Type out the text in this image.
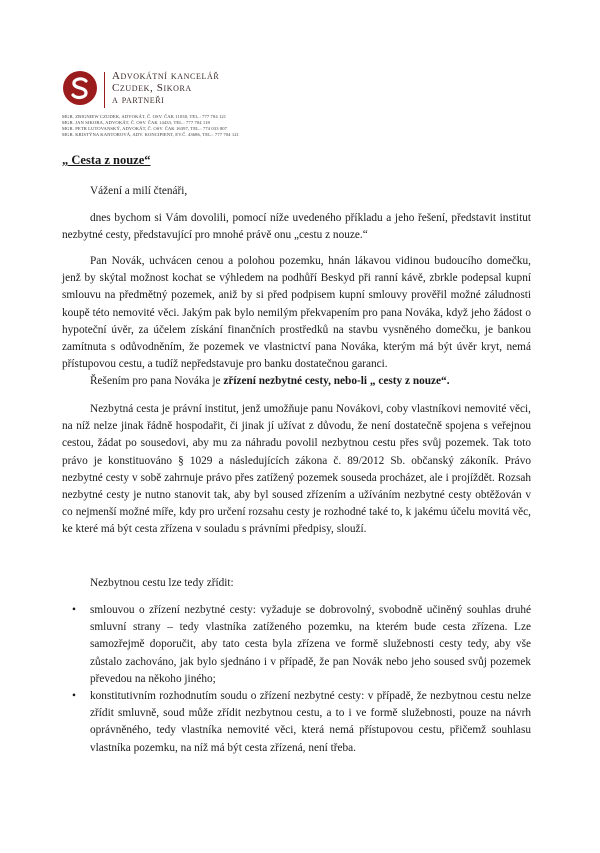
Advokátní kancelář
Czudek, Sikora
a partneři
MGR. ZBIGNIEW CZUDEK, ADVOKÁT, Č. OSV. ČAK 11030, TEL.: 777 704 121
MGR. JAN SIKORA, ADVOKÁT, Č. OSV. ČAK 14433, TEL.: 777 704 118
MGR. PETR LUTOVANSKÝ, ADVOKÁT, Č. OSV. ČAK 16397, TEL.: 774 033 807
MGR. KRISTÝNA KANTOROVÁ, ADV. KONCIPIENT, EV.Č. 43686, TEL.: 777 704 121
„ Cesta z nouze“

Vážení a milí čtenáři,

dnes bychom si Vám dovolili, pomocí níže uvedeného příkladu a jeho řešení, představit institut nezbytné cesty, představující pro mnohé právě onu „cestu z nouze.“

Pan Novák, uchvácen cenou a polohou pozemku, hnán lákavou vidinou budoucího domečku, jenž by skýtal možnost kochat se výhledem na podhůří Beskyd při ranní kávě, zbrkle podepsal kupní smlouvu na předmětný pozemek, aniž by si před podpisem kupní smlouvy prověřil možné záludnosti koupě této nemovité věci. Jakým pak bylo nemilým překvapením pro pana Nováka, když jeho žádost o hypoteční úvěr, za účelem získání finančních prostředků na stavbu vysněného domečku, je bankou zamítnuta s odůvodněním, že pozemek ve vlastnictví pana Nováka, kterým má být úvěr kryt, nemá přístupovou cestu, a tudíž nepředstavuje pro banku dostatečnou garanci.

Řešením pro pana Nováka je zřízení nezbytné cesty, nebo-li „ cesty z nouze“.

Nezbytná cesta je právní institut, jenž umožňuje panu Novákovi, coby vlastníkovi nemovité věci, na níž nelze jinak řádně hospodařit, či jinak jí užívat z důvodu, že není dostatečně spojena s veřejnou cestou, žádat po sousedovi, aby mu za náhradu povolil nezbytnou cestu přes svůj pozemek. Tak toto právo je konstituováno § 1029 a následujících zákona č. 89/2012 Sb. občanský zákoník. Právo nezbytné cesty v sobě zahrnuje právo přes zatížený pozemek souseda procházet, ale i projíždět. Rozsah nezbytné cesty je nutno stanovit tak, aby byl soused zřízením a užíváním nezbytné cesty obtěžován v co nejmenší možné míře, kdy pro určení rozsahu cesty je rozhodné také to, k jakému účelu movitá věc, ke které má být cesta zřízena v souladu s právními předpisy, slouží.

Nezbytnou cestu lze tedy zřídit:

• smlouvou o zřízení nezbytné cesty: vyžaduje se dobrovolný, svobodně učiněný souhlas druhé smluvní strany – tedy vlastníka zatíženého pozemku, na kterém bude cesta zřízena. Lze samozřejmě doporučit, aby tato cesta byla zřízena ve formě služebnosti cesty tedy, aby vše zůstalo zachováno, jak bylo sjednáno i v případě, že pan Novák nebo jeho soused svůj pozemek převedou na někoho jiného;
• konstitutivním rozhodnutím soudu o zřízení nezbytné cesty: v případě, že nezbytnou cestu nelze zřídit smluvně, soud může zřídit nezbytnou cestu, a to i ve formě služebnosti, pouze na návrh oprávněného, tedy vlastníka nemovité věci, která nemá přístupovou cestu, přičemž souhlasu vlastníka pozemku, na níž má být cesta zřízená, není třeba.
